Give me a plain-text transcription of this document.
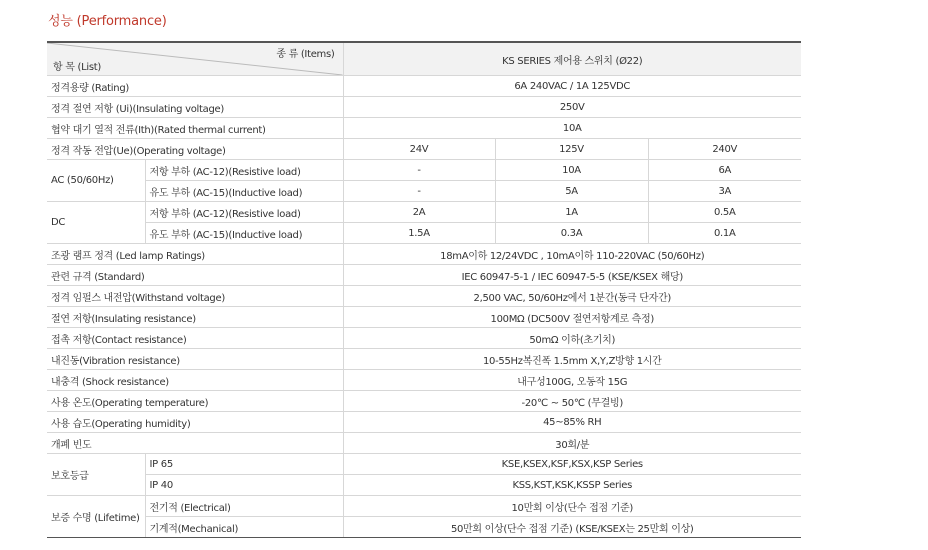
성능 (Performance)
종 류 (Items)
항 목 (List)		KS SERIES 제어용 스위치 (Ø22)		
정격용량 (Rating)		6A 240VAC / 1A 125VDC		
정격 절연 저항 (Ui)(Insulating voltage)		250V		
협약 대기 열적 전류(Ith)(Rated thermal current)		10A		
정격 작동 전압(Ue)(Operating voltage)		24V	125V	240V
AC (50/60Hz)	저항 부하 (AC-12)(Resistive load)	-	10A	6A
	유도 부하 (AC-15)(Inductive load)	-	5A	3A
DC	저항 부하 (AC-12)(Resistive load)	2A	1A	0.5A
	유도 부하 (AC-15)(Inductive load)	1.5A	0.3A	0.1A
조광 램프 정격 (Led lamp Ratings)		18mA이하 12/24VDC , 10mA이하 110-220VAC (50/60Hz)		
관련 규격 (Standard)		IEC 60947-5-1 / IEC 60947-5-5 (KSE/KSEX 해당)		
정격 임펄스 내전압(Withstand voltage)		2,500 VAC, 50/60Hz에서 1분간(동극 단자간)		
절연 저항(Insulating resistance)		100MΩ (DC500V 절연저항계로 측정)		
접촉 저항(Contact resistance)		50mΩ 이하(초기치)		
내진동(Vibration resistance)		10-55Hz복진폭 1.5mm X,Y,Z방향 1시간		
내충격 (Shock resistance)		내구성100G, 오동작 15G		
사용 온도(Operating temperature)		-20℃ ~ 50℃ (무결빙)		
사용 습도(Operating humidity)		45~85% RH		
개폐 빈도		30회/분		
보호등급	IP 65	KSE,KSEX,KSF,KSX,KSP Series		
	IP 40	KSS,KST,KSK,KSSP Series		
보증 수명 (Lifetime)	전기적 (Electrical)	10만회 이상(단수 접점 기준)		
	기계적(Mechanical)	50만회 이상(단수 접점 기준) (KSE/KSEX는 25만회 이상)		
